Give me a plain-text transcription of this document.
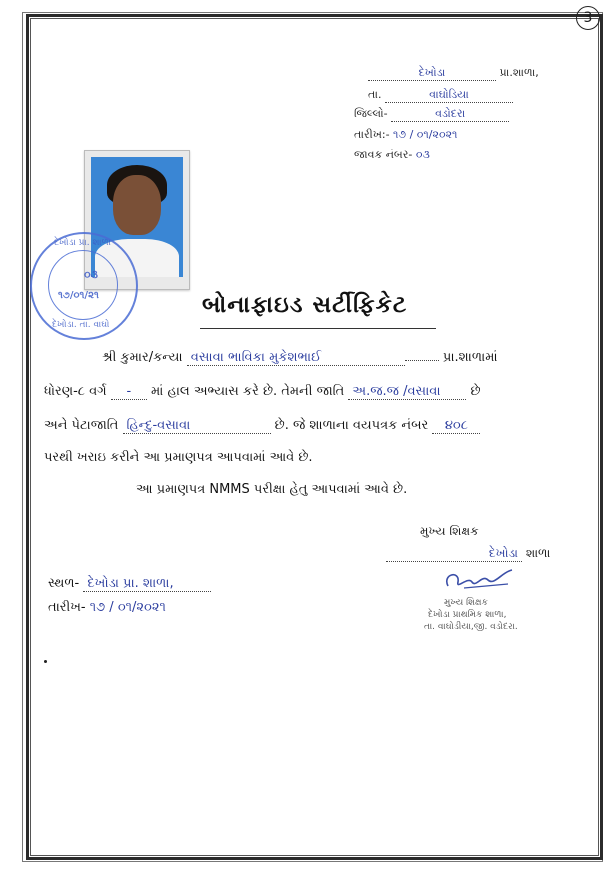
3
દેખોડા	પ્રા.શાળા,
તા.	વાઘોડિયા
જિલ્લો-	વડોદરા
તારીખ:- ૧૭ / ૦૧/૨૦૨૧
જાવક નંબર- ૦૩
દેખોડા પ્રા. શાળા
૦૩
૧૭/૦૧/૨૧
દેખોડા. તા. વાઘો
બોનાફાઇડ સર્ટીફિકેટ
શ્રી કુમાર/કન્યા વસાવા ભાવિકા મુકેશભાઈ	પ્રા.શાળામાં
ધોરણ-૮ વર્ગ - માં હાલ અભ્યાસ કરે છે. તેમની જાતિ અ.જ.જ /વસાવા છે
અને પેટાજાતિ હિન્દુ-વસાવા	છે. જે શાળાના વયપત્રક નંબર ૪૦૮
પરથી ખરાઇ કરીને આ પ્રમાણપત્ર આપવામાં આવે છે.
આ પ્રમાણપત્ર NMMS પરીક્ષા હેતુ આપવામાં આવે છે.
મુખ્ય શિક્ષક
દેખોડા શાળા
મુખ્ય શિક્ષક
દેખોડા પ્રાથમિક શાળા,
તા. વાઘોડીયા,જી. વડોદરા.
સ્થળ- દેખોડા પ્રા. શાળા,
તારીખ- ૧૭ / ૦૧/૨૦૨૧
